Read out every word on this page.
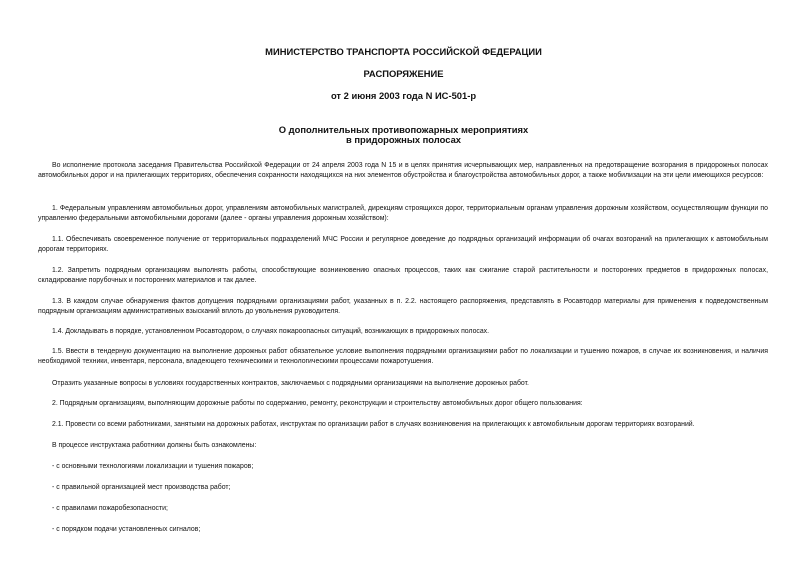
МИНИСТЕРСТВО ТРАНСПОРТА РОССИЙСКОЙ ФЕДЕРАЦИИ
РАСПОРЯЖЕНИЕ
от 2 июня 2003 года N ИС-501-р
О дополнительных противопожарных мероприятиях
в придорожных полосах

Во исполнение протокола заседания Правительства Российской Федерации от 24 апреля 2003 года N 15 и в целях принятия исчерпывающих мер, направленных на предотвращение возгорания в придорожных полосах автомобильных дорог и на прилегающих территориях, обеспечения сохранности находящихся на них элементов обустройства и благоустройства автомобильных дорог, а также мобилизации на эти цели имеющихся ресурсов:

1. Федеральным управлениям автомобильных дорог, управлениям автомобильных магистралей, дирекциям строящихся дорог, территориальным органам управления дорожным хозяйством, осуществляющим функции по управлению федеральными автомобильными дорогами (далее - органы управления дорожным хозяйством):

1.1. Обеспечивать своевременное получение от территориальных подразделений МЧС России и регулярное доведение до подрядных организаций информации об очагах возгораний на прилегающих к автомобильным дорогам территориях.

1.2. Запретить подрядным организациям выполнять работы, способствующие возникновению опасных процессов, таких как сжигание старой растительности и посторонних предметов в придорожных полосах, складирование порубочных и посторонних материалов и так далее.

1.3. В каждом случае обнаружения фактов допущения подрядными организациями работ, указанных в п. 2.2. настоящего распоряжения, представлять в Росавтодор материалы для применения к подведомственным подрядным организациям административных взысканий вплоть до увольнения руководителя.

1.4. Докладывать в порядке, установленном Росавтодором, о случаях пожароопасных ситуаций, возникающих в придорожных полосах.

1.5. Ввести в тендерную документацию на выполнение дорожных работ обязательное условие выполнения подрядными организациями работ по локализации и тушению пожаров, в случае их возникновения, и наличия необходимой техники, инвентаря, персонала, владеющего техническими и технологическими процессами пожаротушения.

Отразить указанные вопросы в условиях государственных контрактов, заключаемых с подрядными организациями на выполнение дорожных работ.

2. Подрядным организациям, выполняющим дорожные работы по содержанию, ремонту, реконструкции и строительству автомобильных дорог общего пользования:

2.1. Провести со всеми работниками, занятыми на дорожных работах, инструктаж по организации работ в случаях возникновения на прилегающих к автомобильным дорогам территориях возгораний.

В процессе инструктажа работники должны быть ознакомлены:

- с основными технологиями локализации и тушения пожаров;

- с правильной организацией мест производства работ;

- с правилами пожаробезопасности;

- с порядком подачи установленных сигналов;
